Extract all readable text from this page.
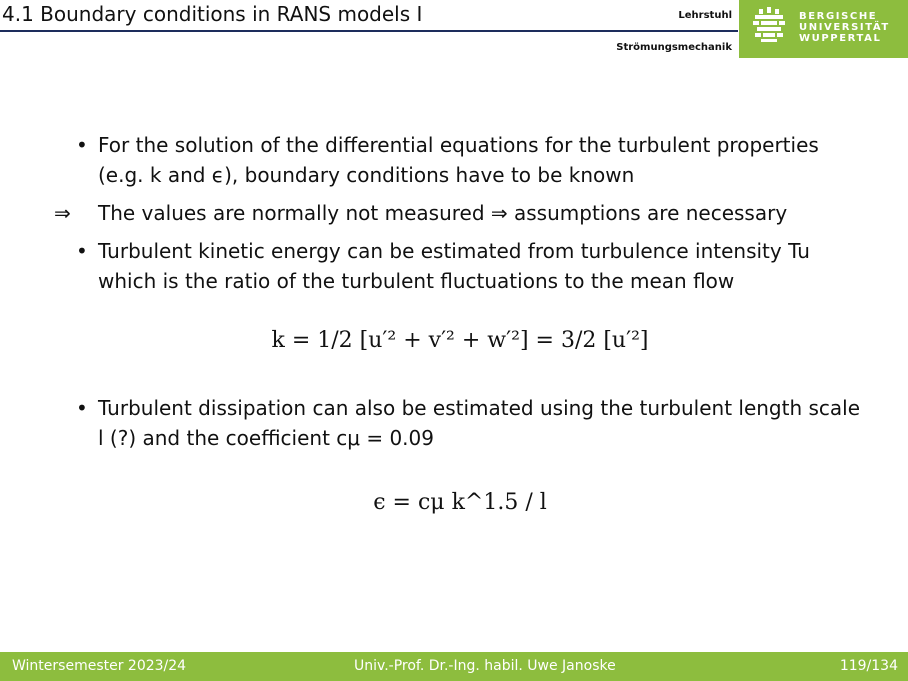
4.1 Boundary conditions in RANS models I	Lehrstuhl
Strömungsmechanik
BERGISCHE
UNIVERSITÄT
WUPPERTAL
• For the solution of the differential equations for the turbulent properties (e.g. k and ϵ), boundary conditions have to be known
⇒ The values are normally not measured ⇒ assumptions are necessary
• Turbulent kinetic energy can be estimated from turbulence intensity Tu which is the ratio of the turbulent fluctuations to the mean flow
k = 1/2 [u′² + v′² + w′²] = 3/2 [u′²]
• Turbulent dissipation can also be estimated using the turbulent length scale l (?) and the coefficient cμ = 0.09
ϵ = cμ k^1.5 / l
Wintersemester 2023/24	Univ.-Prof. Dr.-Ing. habil. Uwe Janoske	119/134
